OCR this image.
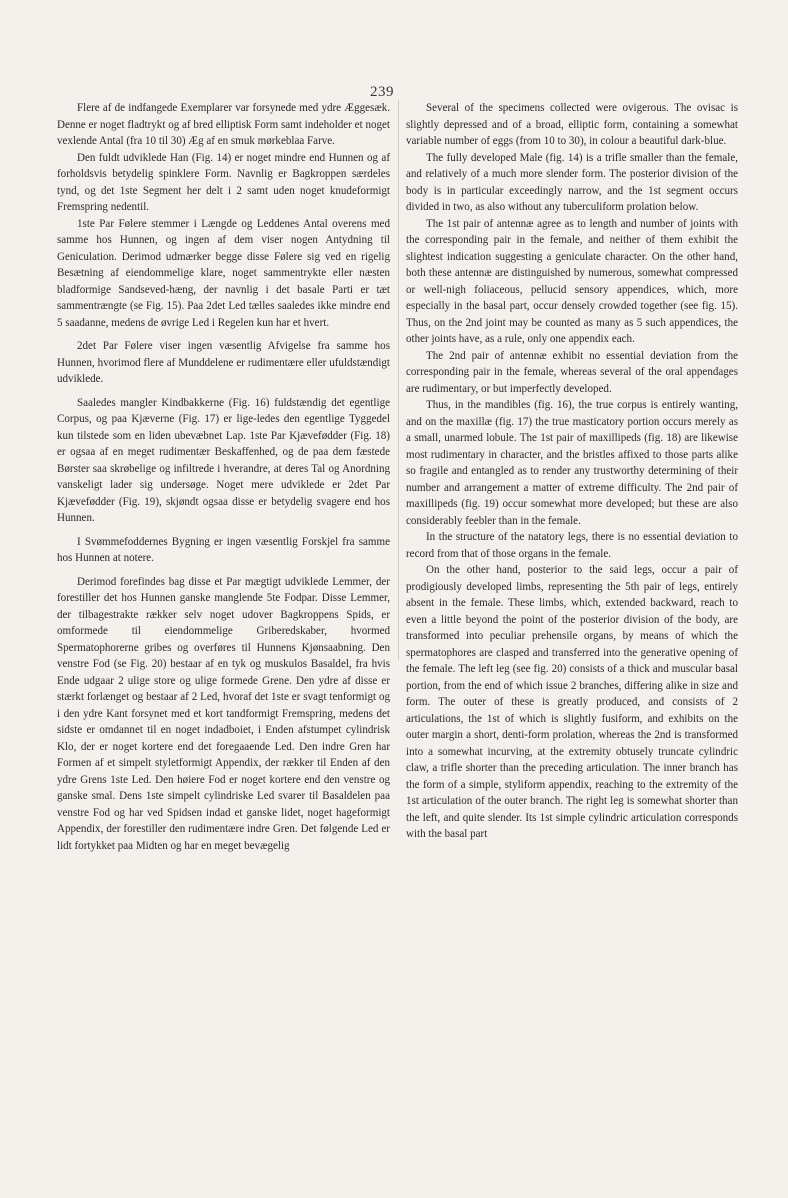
239

Flere af de indfangede Exemplarer var forsynede med ydre Æggesæk. Denne er noget fladtrykt og af bred elliptisk Form samt indeholder et noget vexlende Antal (fra 10 til 30) Æg af en smuk mørkeblaa Farve.

Den fuldt udviklede Han (Fig. 14) er noget mindre end Hunnen og af forholdsvis betydelig spinklere Form. Navnlig er Bagkroppen særdeles tynd, og det 1ste Segment her delt i 2 samt uden noget knudeformigt Fremspring nedentil.

1ste Par Følere stemmer i Længde og Leddenes Antal overens med samme hos Hunnen, og ingen af dem viser nogen Antydning til Geniculation. Derimod udmærker begge disse Følere sig ved en rigelig Besætning af eiendommelige klare, noget sammentrykte eller næsten bladformige Sandseved-hæng, der navnlig i det basale Parti er tæt sammentrængte (se Fig. 15). Paa 2det Led tælles saaledes ikke mindre end 5 saadanne, medens de øvrige Led i Regelen kun har et hvert.

2det Par Følere viser ingen væsentlig Afvigelse fra samme hos Hunnen, hvorimod flere af Munddelene er rudimentære eller ufuldstændigt udviklede.

Saaledes mangler Kindbakkerne (Fig. 16) fuldstændig det egentlige Corpus, og paa Kjæverne (Fig. 17) er lige-ledes den egentlige Tyggedel kun tilstede som en liden ubevæbnet Lap. 1ste Par Kjævefødder (Fig. 18) er ogsaa af en meget rudimentær Beskaffenhed, og de paa dem fæstede Børster saa skrøbelige og infiltrede i hverandre, at deres Tal og Anordning vanskeligt lader sig undersøge. Noget mere udviklede er 2det Par Kjævefødder (Fig. 19), skjøndt ogsaa disse er betydelig svagere end hos Hunnen.

I Svømmefoddernes Bygning er ingen væsentlig Forskjel fra samme hos Hunnen at notere.

Derimod forefindes bag disse et Par mægtigt udviklede Lemmer, der forestiller det hos Hunnen ganske manglende 5te Fodpar. Disse Lemmer, der tilbagestrakte rækker selv noget udover Bagkroppens Spids, er omformede til eiendommelige Griberedskaber, hvormed Spermatophorerne gribes og overføres til Hunnens Kjønsaabning. Den venstre Fod (se Fig. 20) bestaar af en tyk og muskulos Basaldel, fra hvis Ende udgaar 2 ulige store og ulige formede Grene. Den ydre af disse er stærkt forlænget og bestaar af 2 Led, hvoraf det 1ste er svagt tenformigt og i den ydre Kant forsynet med et kort tandformigt Fremspring, medens det sidste er omdannet til en noget indadboiet, i Enden afstumpet cylindrisk Klo, der er noget kortere end det foregaaende Led. Den indre Gren har Formen af et simpelt styletformigt Appendix, der rækker til Enden af den ydre Grens 1ste Led. Den høiere Fod er noget kortere end den venstre og ganske smal. Dens 1ste simpelt cylindriske Led svarer til Basaldelen paa venstre Fod og har ved Spidsen indad et ganske lidet, noget hageformigt Appendix, der forestiller den rudimentære indre Gren. Det følgende Led er lidt fortykket paa Midten og har en meget bevægelig

Several of the specimens collected were ovigerous. The ovisac is slightly depressed and of a broad, elliptic form, containing a somewhat variable number of eggs (from 10 to 30), in colour a beautiful dark-blue.

The fully developed Male (fig. 14) is a trifle smaller than the female, and relatively of a much more slender form. The posterior division of the body is in particular exceedingly narrow, and the 1st segment occurs divided in two, as also without any tuberculiform prolation below.

The 1st pair of antennæ agree as to length and number of joints with the corresponding pair in the female, and neither of them exhibit the slightest indication suggesting a geniculate character. On the other hand, both these antennæ are distinguished by numerous, somewhat compressed or well-nigh foliaceous, pellucid sensory appendices, which, more especially in the basal part, occur densely crowded together (see fig. 15). Thus, on the 2nd joint may be counted as many as 5 such appendices, the other joints have, as a rule, only one appendix each.

The 2nd pair of antennæ exhibit no essential deviation from the corresponding pair in the female, whereas several of the oral appendages are rudimentary, or but imperfectly developed.

Thus, in the mandibles (fig. 16), the true corpus is entirely wanting, and on the maxillæ (fig. 17) the true masticatory portion occurs merely as a small, unarmed lobule. The 1st pair of maxillipeds (fig. 18) are likewise most rudimentary in character, and the bristles affixed to those parts alike so fragile and entangled as to render any trustworthy determining of their number and arrangement a matter of extreme difficulty. The 2nd pair of maxillipeds (fig. 19) occur somewhat more developed; but these are also considerably feebler than in the female.

In the structure of the natatory legs, there is no essential deviation to record from that of those organs in the female.

On the other hand, posterior to the said legs, occur a pair of prodigiously developed limbs, representing the 5th pair of legs, entirely absent in the female. These limbs, which, extended backward, reach to even a little beyond the point of the posterior division of the body, are transformed into peculiar prehensile organs, by means of which the spermatophores are clasped and transferred into the generative opening of the female. The left leg (see fig. 20) consists of a thick and muscular basal portion, from the end of which issue 2 branches, differing alike in size and form. The outer of these is greatly produced, and consists of 2 articulations, the 1st of which is slightly fusiform, and exhibits on the outer margin a short, denti-form prolation, whereas the 2nd is transformed into a somewhat incurving, at the extremity obtusely truncate cylindric claw, a trifle shorter than the preceding articulation. The inner branch has the form of a simple, styliform appendix, reaching to the extremity of the 1st articulation of the outer branch. The right leg is somewhat shorter than the left, and quite slender. Its 1st simple cylindric articulation corresponds with the basal part
